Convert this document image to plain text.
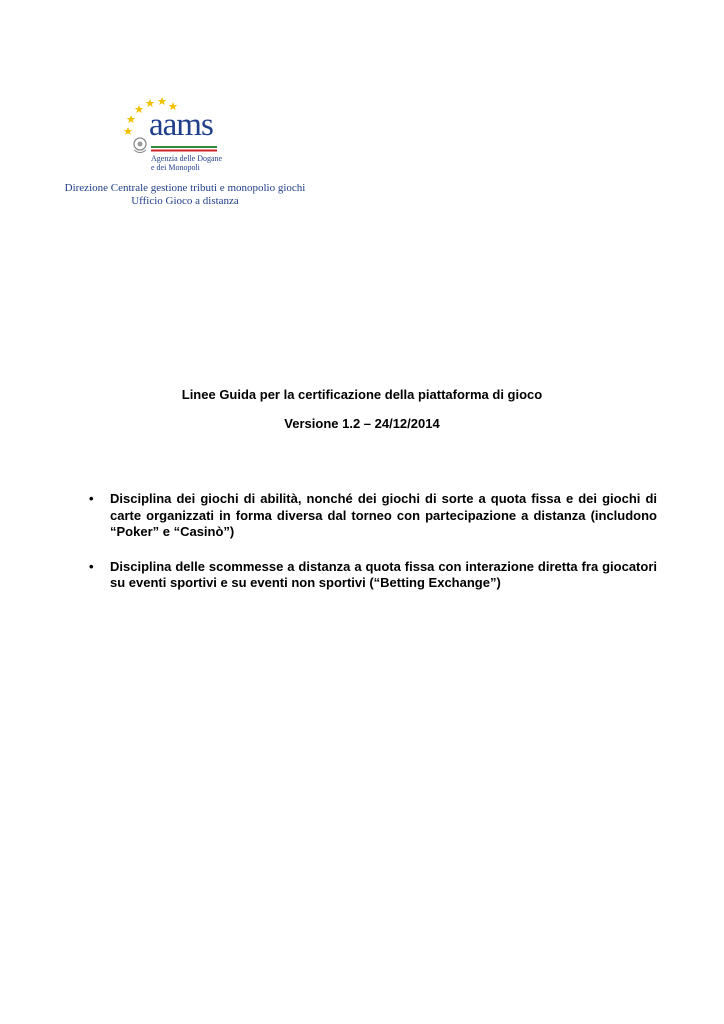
aams
Agenzia delle Dogane
e dei Monopoli
Direzione Centrale gestione tributi e monopolio giochi
Ufficio Gioco a distanza
Linee Guida per la certificazione della piattaforma di gioco
Versione 1.2 – 24/12/2014
• Disciplina dei giochi di abilità, nonché dei giochi di sorte a quota fissa e dei giochi di carte organizzati in forma diversa dal torneo con partecipazione a distanza (includono “Poker” e “Casinò”)
• Disciplina delle scommesse a distanza a quota fissa con interazione diretta fra giocatori su eventi sportivi e su eventi non sportivi (“Betting Exchange”)
